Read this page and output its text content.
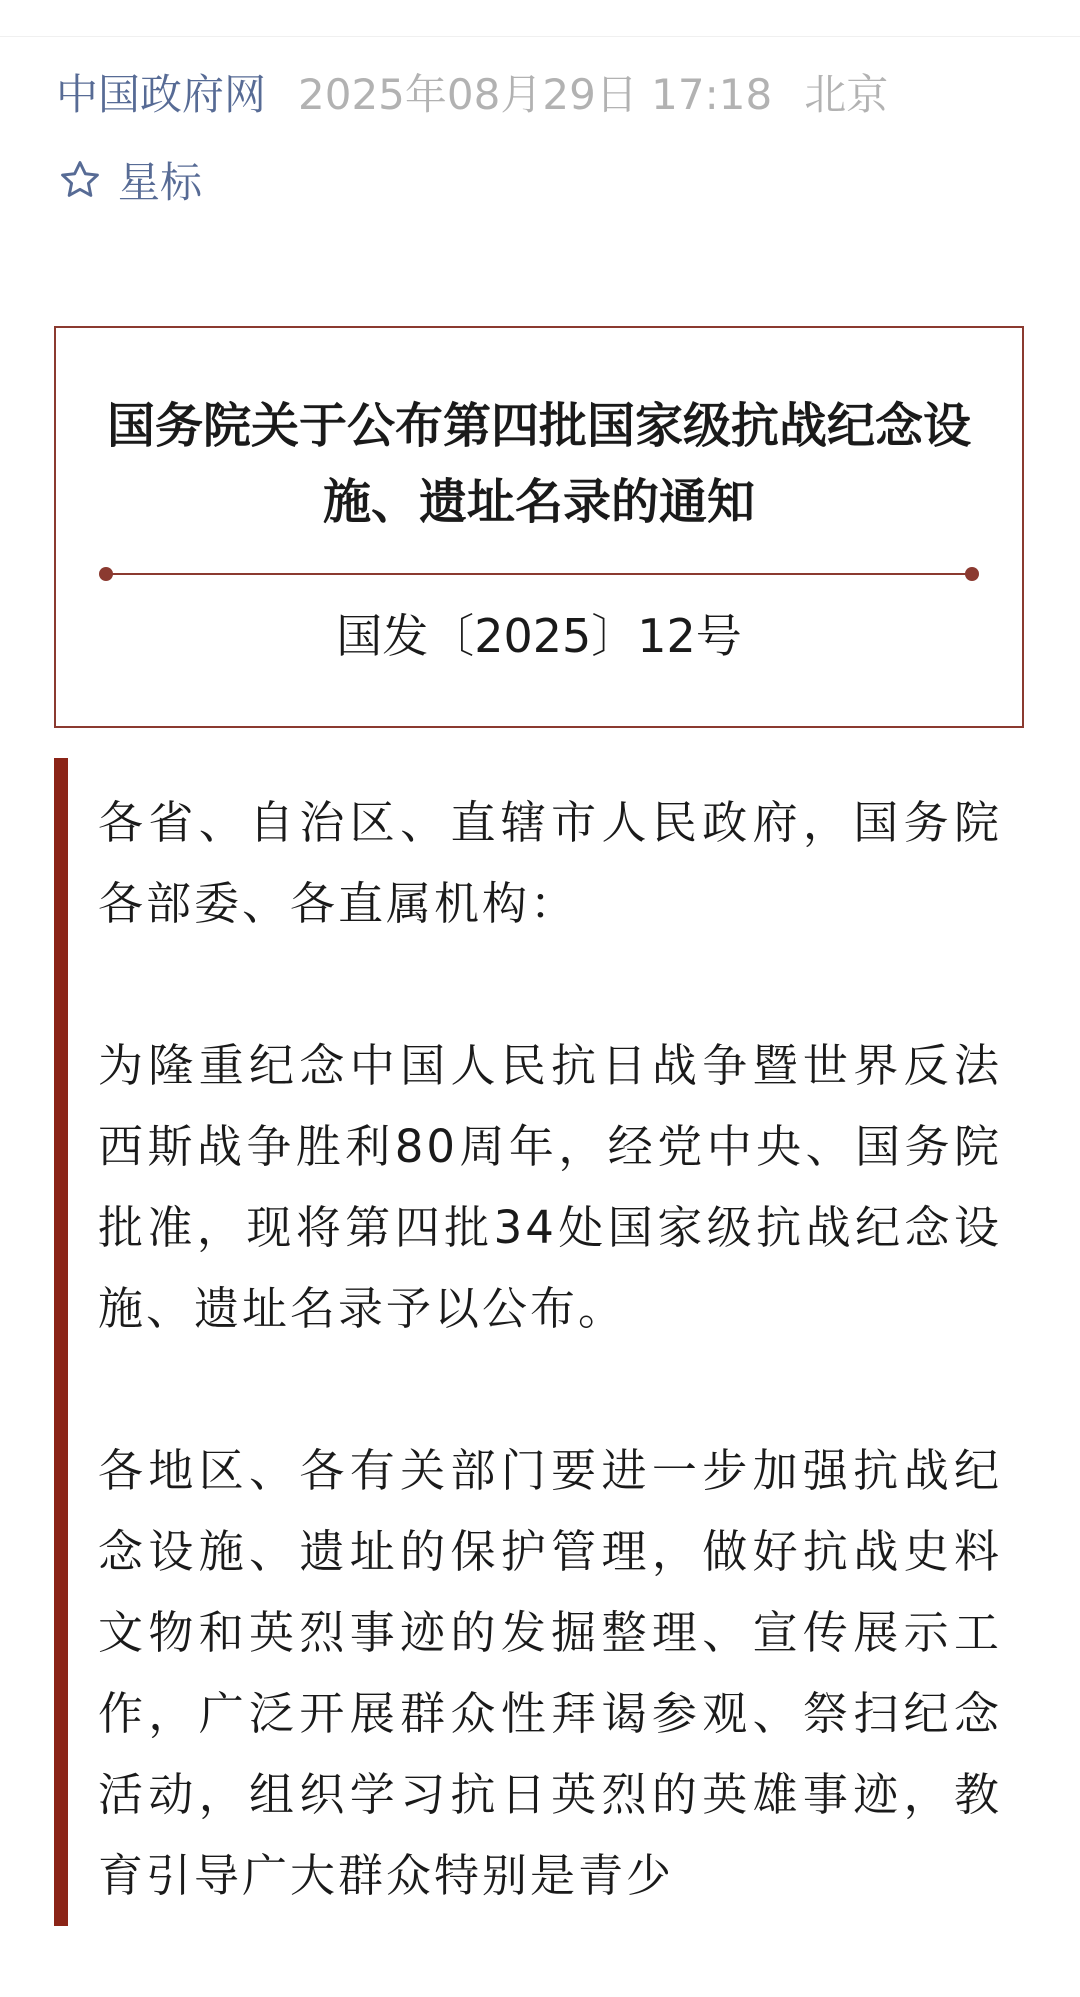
中国政府网 2025年08月29日 17:18 北京
星标
国务院关于公布第四批国家级抗战纪念设施、遗址名录的通知
国发〔2025〕12号

各省、自治区、直辖市人民政府，国务院各部委、各直属机构：

为隆重纪念中国人民抗日战争暨世界反法西斯战争胜利80周年，经党中央、国务院批准，现将第四批34处国家级抗战纪念设施、遗址名录予以公布。

各地区、各有关部门要进一步加强抗战纪念设施、遗址的保护管理，做好抗战史料文物和英烈事迹的发掘整理、宣传展示工作，广泛开展群众性拜谒参观、祭扫纪念活动，组织学习抗日英烈的英雄事迹，教育引导广大群众特别是青少
